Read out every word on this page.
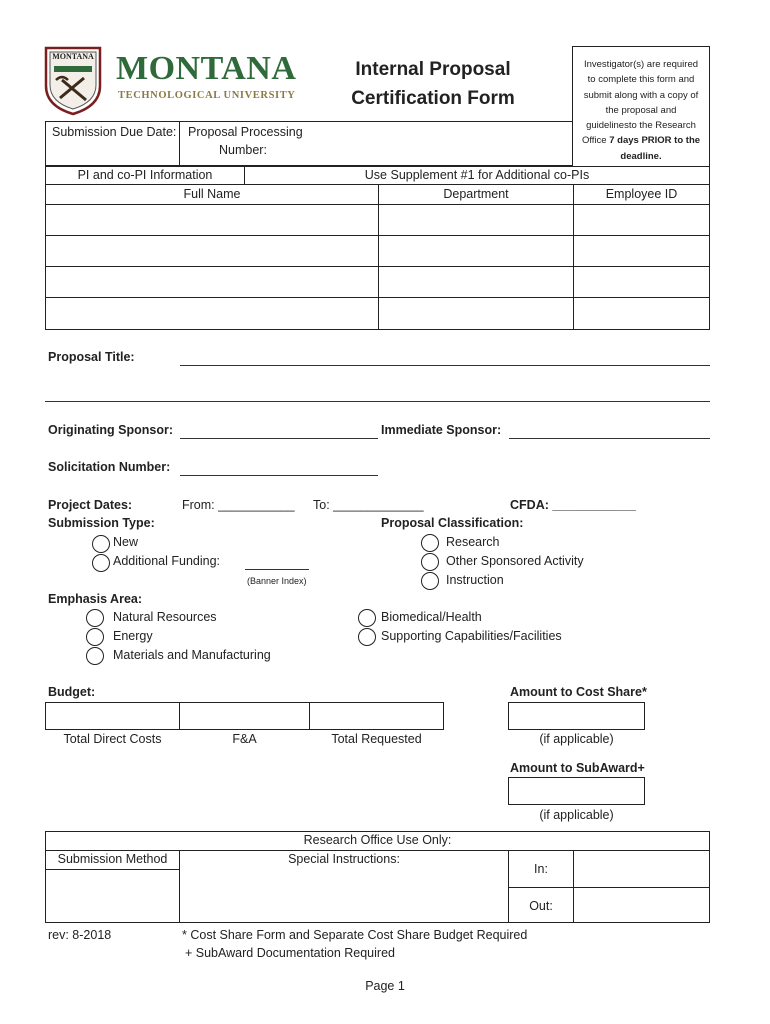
MONTANA MONTANA
TECHNOLOGICAL UNIVERSITY
Internal Proposal
Certification Form
Investigator(s) are required
to complete this form and
submit along with a copy of
the proposal and
guidelinesto the Research
Office 7 days PRIOR to the
deadline.
Submission Due Date: Proposal Processing
Number:
PI and co-PI Information	Use Supplement #1 for Additional co-PIs
Full Name	Department	Employee ID
Proposal Title:
Originating Sponsor:	Immediate Sponsor:
Solicitation Number:
Project Dates:	From: ___________ To: _____________	CFDA: ____________
Submission Type:
New
Additional Funding:
(Banner Index)
Proposal Classification:
Research
Other Sponsored Activity
Instruction
Emphasis Area:
Natural Resources
Energy
Materials and Manufacturing
Biomedical/Health
Supporting Capabilities/Facilities
Budget:
Total Direct Costs	F&A	Total Requested
Amount to Cost Share*
(if applicable)
Amount to SubAward+
(if applicable)
Research Office Use Only:
Submission Method	Special Instructions:
In:
Out:
rev: 8-2018	* Cost Share Form and Separate Cost Share Budget Required
+ SubAward Documentation Required
Page 1
